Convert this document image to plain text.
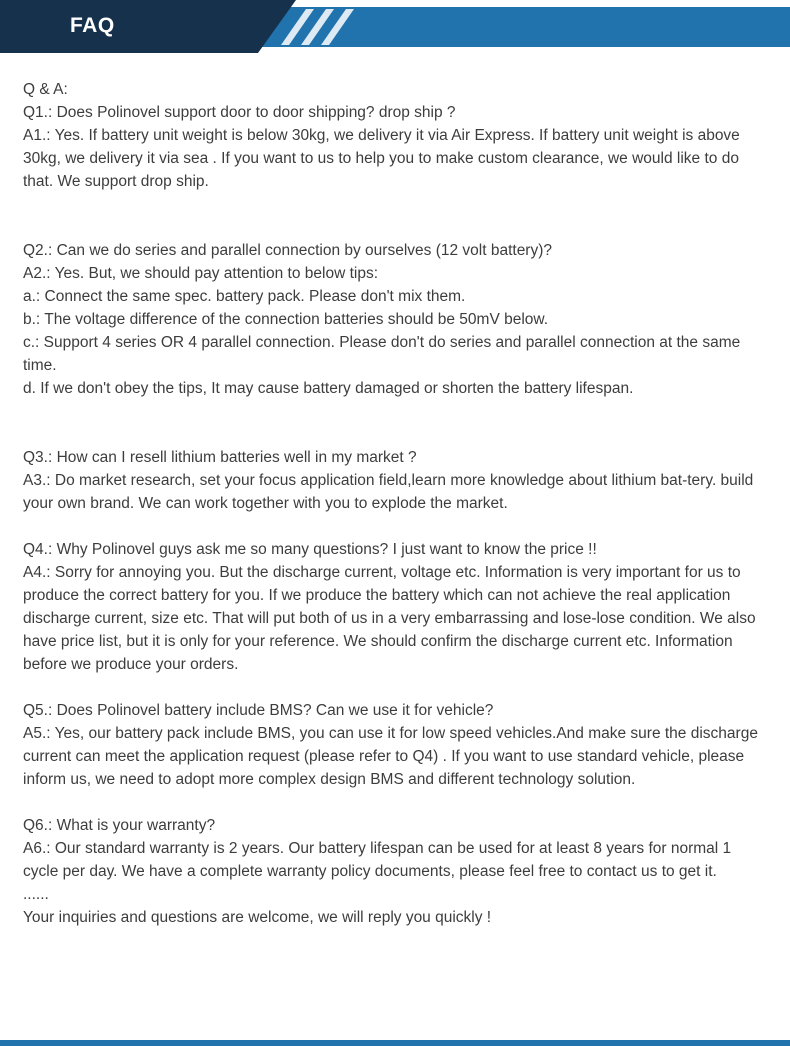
FAQ

Q & A:

Q1.: Does Polinovel support door to door shipping? drop ship ?

A1.: Yes. If battery unit weight is below 30kg, we delivery it via Air Express. If battery unit weight is above 30kg, we delivery it via sea . If you want to us to help you to make custom clearance, we would like to do that. We support drop ship.

Q2.: Can we do series and parallel connection by ourselves (12 volt battery)?

A2.: Yes. But, we should pay attention to below tips:

a.: Connect the same spec. battery pack. Please don't mix them.

b.: The voltage difference of the connection batteries should be 50mV below.

c.: Support 4 series OR 4 parallel connection. Please don't do series and parallel connection at the same time.

d. If we don't obey the tips, It may cause battery damaged or shorten the battery lifespan.

Q3.: How can I resell lithium batteries well in my market ?

A3.: Do market research, set your focus application field,learn more knowledge about lithium bat-tery. build your own brand. We can work together with you to explode the market.

Q4.: Why Polinovel guys ask me so many questions? I just want to know the price !!

A4.: Sorry for annoying you. But the discharge current, voltage etc. Information is very important for us to produce the correct battery for you. If we produce the battery which can not achieve the real application discharge current, size etc. That will put both of us in a very embarrassing and lose-lose condition. We also have price list, but it is only for your reference. We should confirm the discharge current etc. Information before we produce your orders.

Q5.: Does Polinovel battery include BMS? Can we use it for vehicle?

A5.: Yes, our battery pack include BMS, you can use it for low speed vehicles.And make sure the discharge current can meet the application request (please refer to Q4) . If you want to use standard vehicle, please inform us, we need to adopt more complex design BMS and different technology solution.

Q6.: What is your warranty?

A6.: Our standard warranty is 2 years. Our battery lifespan can be used for at least 8 years for normal 1 cycle per day. We have a complete warranty policy documents, please feel free to contact us to get it.

......

Your inquiries and questions are welcome, we will reply you quickly !
